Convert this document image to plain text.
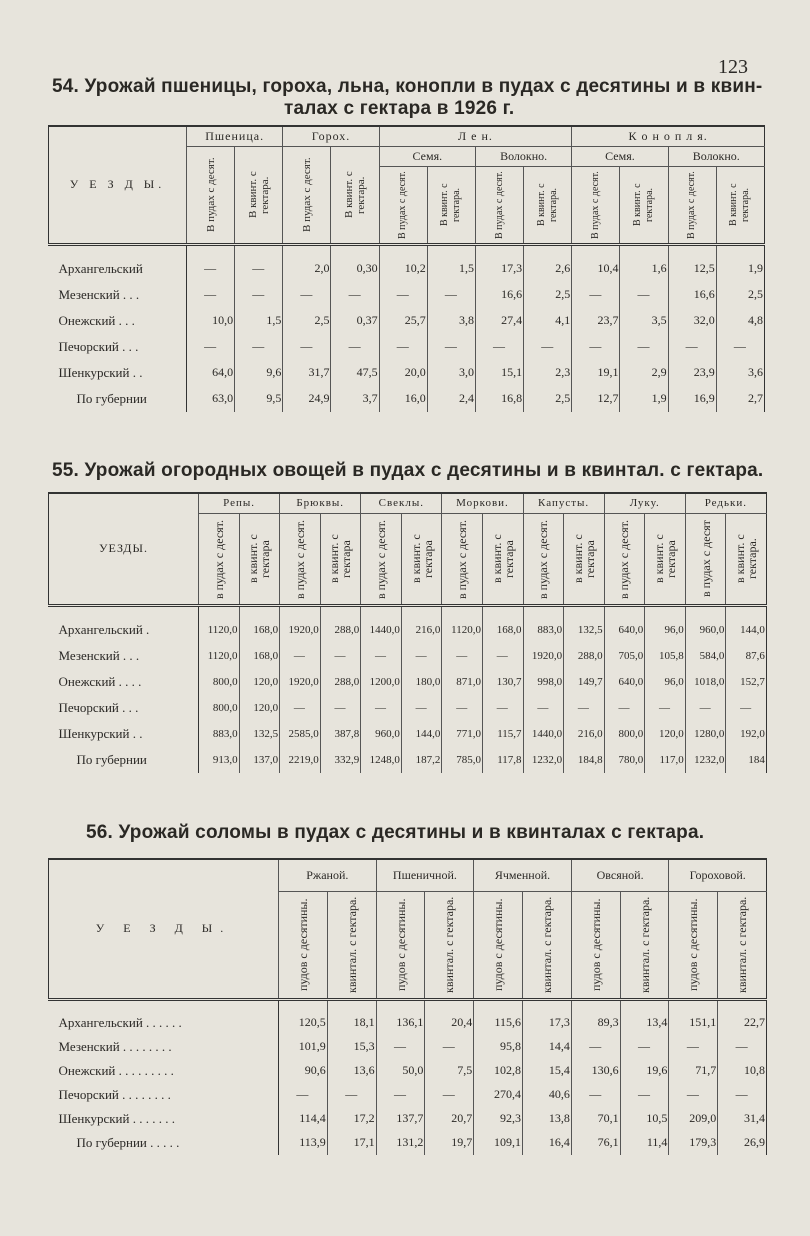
123
54. Урожай пшеницы, гороха, льна, конопли в пудах с десятины и в квин-
талах с гектара в 1926 г.
У Е З Д Ы.	Пшеница.		Горох.		Л е н.				К о н о п л я.			

	В пудах с десят.	В квинт. с гектара.	В пудах с десят.	В квинт. с гектара.	Семя.		Волокно.		Семя.		Волокно.	

					В пудах с десят.	В квинт. с гектара.	В пудах с десят.	В квинт. с гектара.	В пудах с десят.	В квинт. с гектара.	В пудах с десят.	В квинт. с гектара.

Архангельский	—	—	2,0	0,30	10,2	1,5	17,3	2,6	10,4	1,6	12,5	1,9
Мезенский . . .	—	—	—	—	—	—	16,6	2,5	—	—	16,6	2,5
Онежский . . .	10,0	1,5	2,5	0,37	25,7	3,8	27,4	4,1	23,7	3,5	32,0	4,8
Печорский . . .	—	—	—	—	—	—	—	—	—	—	—	—
Шенкурский . .	64,0	9,6	31,7	47,5	20,0	3,0	15,1	2,3	19,1	2,9	23,9	3,6
По губернии	63,0	9,5	24,9	3,7	16,0	2,4	16,8	2,5	12,7	1,9	16,9	2,7
55. Урожай огородных овощей в пудах с десятины и в квинтал. с гектара.
УЕЗДЫ.	Репы.		Брюквы.		Свеклы.		Моркови.		Капусты.		Луку.		Редьки.	

	в пудах с десят.	в квинт. с гектара	в пудах с десят.	в квинт. с гектара	в пудах с десят.	в квинт. с гектара	в пудах с десят.	в квинт. с гектара	в пудах с десят.	в квинт. с гектара	в пудах с десят.	в квинт. с гектара	в пудах с десят	в квинт. с гектара.

Архангельский .	1120,0	168,0	1920,0	288,0	1440,0	216,0	1120,0	168,0	883,0	132,5	640,0	96,0	960,0	144,0
Мезенский . . .	1120,0	168,0	—	—	—	—	—	—	1920,0	288,0	705,0	105,8	584,0	87,6
Онежский . . . .	800,0	120,0	1920,0	288,0	1200,0	180,0	871,0	130,7	998,0	149,7	640,0	96,0	1018,0	152,7
Печорский . . .	800,0	120,0	—	—	—	—	—	—	—	—	—	—	—	—
Шенкурский . .	883,0	132,5	2585,0	387,8	960,0	144,0	771,0	115,7	1440,0	216,0	800,0	120,0	1280,0	192,0
По губернии	913,0	137,0	2219,0	332,9	1248,0	187,2	785,0	117,8	1232,0	184,8	780,0	117,0	1232,0	184
56. Урожай соломы в пудах с десятины и в квинталах с гектара.
У Е З Д Ы.	Ржаной.		Пшеничной.		Ячменной.		Овсяной.		Гороховой.	

	пудов с десятины.	квинтал. с гектара.	пудов с десятины.	квинтал. с гектара.	пудов с десятины.	квинтал. с гектара.	пудов с десятины.	квинтал. с гектара.	пудов с десятины.	квинтал. с гектара.

Архангельский . . . . . .	120,5	18,1	136,1	20,4	115,6	17,3	89,3	13,4	151,1	22,7
Мезенский . . . . . . . .	101,9	15,3	—	—	95,8	14,4	—	—	—	—
Онежский . . . . . . . . .	90,6	13,6	50,0	7,5	102,8	15,4	130,6	19,6	71,7	10,8
Печорский . . . . . . . .	—	—	—	—	270,4	40,6	—	—	—	—
Шенкурский . . . . . . .	114,4	17,2	137,7	20,7	92,3	13,8	70,1	10,5	209,0	31,4
По губернии . . . . .	113,9	17,1	131,2	19,7	109,1	16,4	76,1	11,4	179,3	26,9
